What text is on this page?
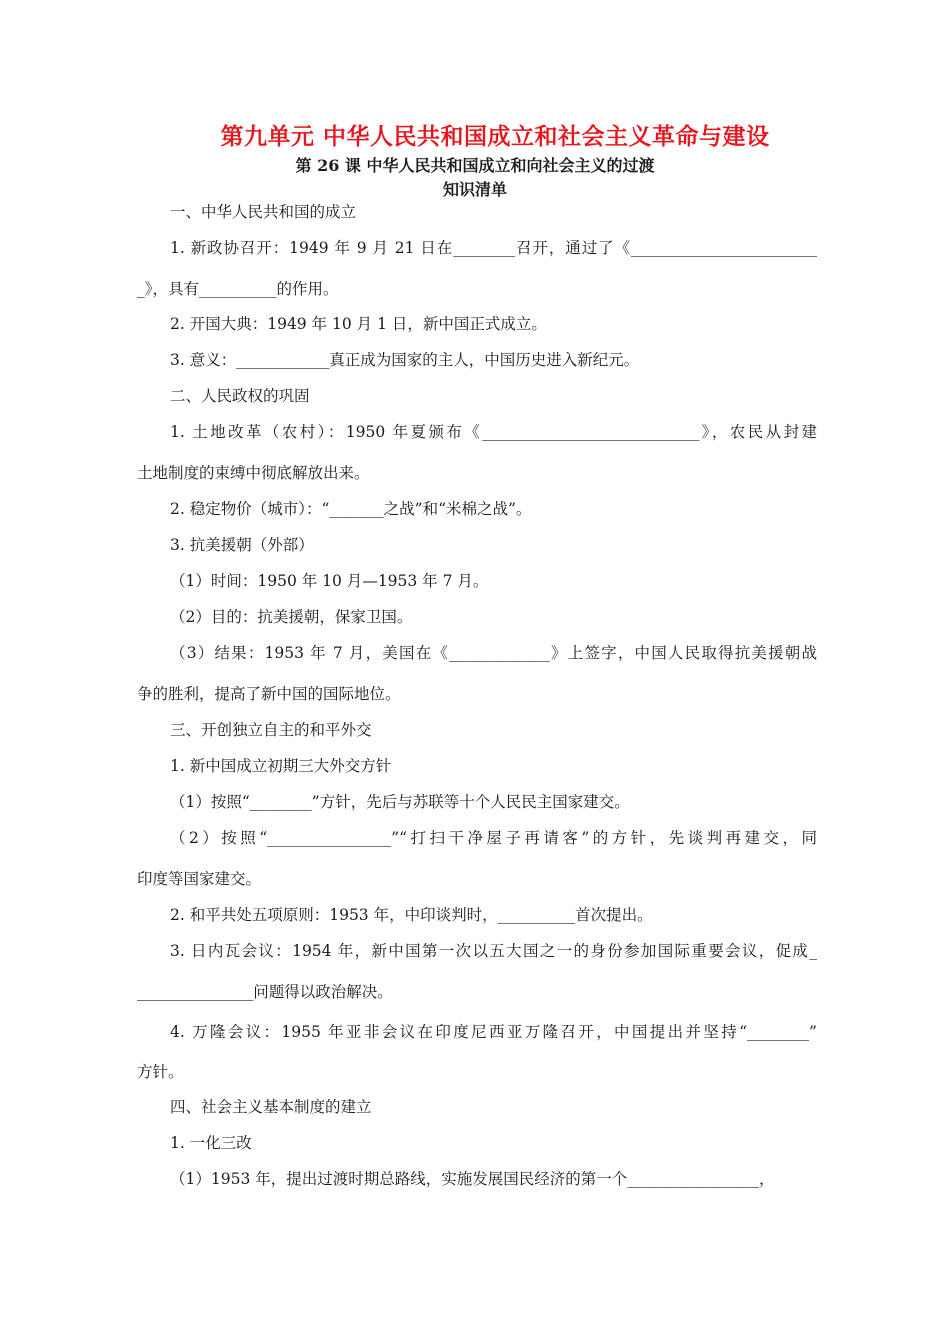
第九单元 中华人民共和国成立和社会主义革命与建设
第 26 课 中华人民共和国成立和向社会主义的过渡
知识清单
一、中华人民共和国的成立
1. 新政协召开：1949 年 9 月 21 日在________召开，通过了《________________________
_》，具有__________的作用。
2. 开国大典：1949 年 10 月 1 日，新中国正式成立。
3. 意义：____________真正成为国家的主人，中国历史进入新纪元。
二、人民政权的巩固
1. 土地改革（农村）：1950 年夏颁布《____________________________》，农民从封建
土地制度的束缚中彻底解放出来。
2. 稳定物价（城市）：“_______之战”和“米棉之战”。
3. 抗美援朝（外部）
（1）时间：1950 年 10 月—1953 年 7 月。
（2）目的：抗美援朝，保家卫国。
（3）结果：1953 年 7 月，美国在《_____________》上签字，中国人民取得抗美援朝战
争的胜利，提高了新中国的国际地位。
三、开创独立自主的和平外交
1. 新中国成立初期三大外交方针
（1）按照“________”方针，先后与苏联等十个人民民主国家建交。
（2）按照“________________”“打扫干净屋子再请客”的方针，先谈判再建交，同
印度等国家建交。
2. 和平共处五项原则：1953 年，中印谈判时，__________首次提出。
3. 日内瓦会议：1954 年，新中国第一次以五大国之一的身份参加国际重要会议，促成_
_______________问题得以政治解决。
4. 万隆会议：1955 年亚非会议在印度尼西亚万隆召开，中国提出并坚持“________”
方针。
四、社会主义基本制度的建立
1. 一化三改
（1）1953 年，提出过渡时期总路线，实施发展国民经济的第一个_________________，
